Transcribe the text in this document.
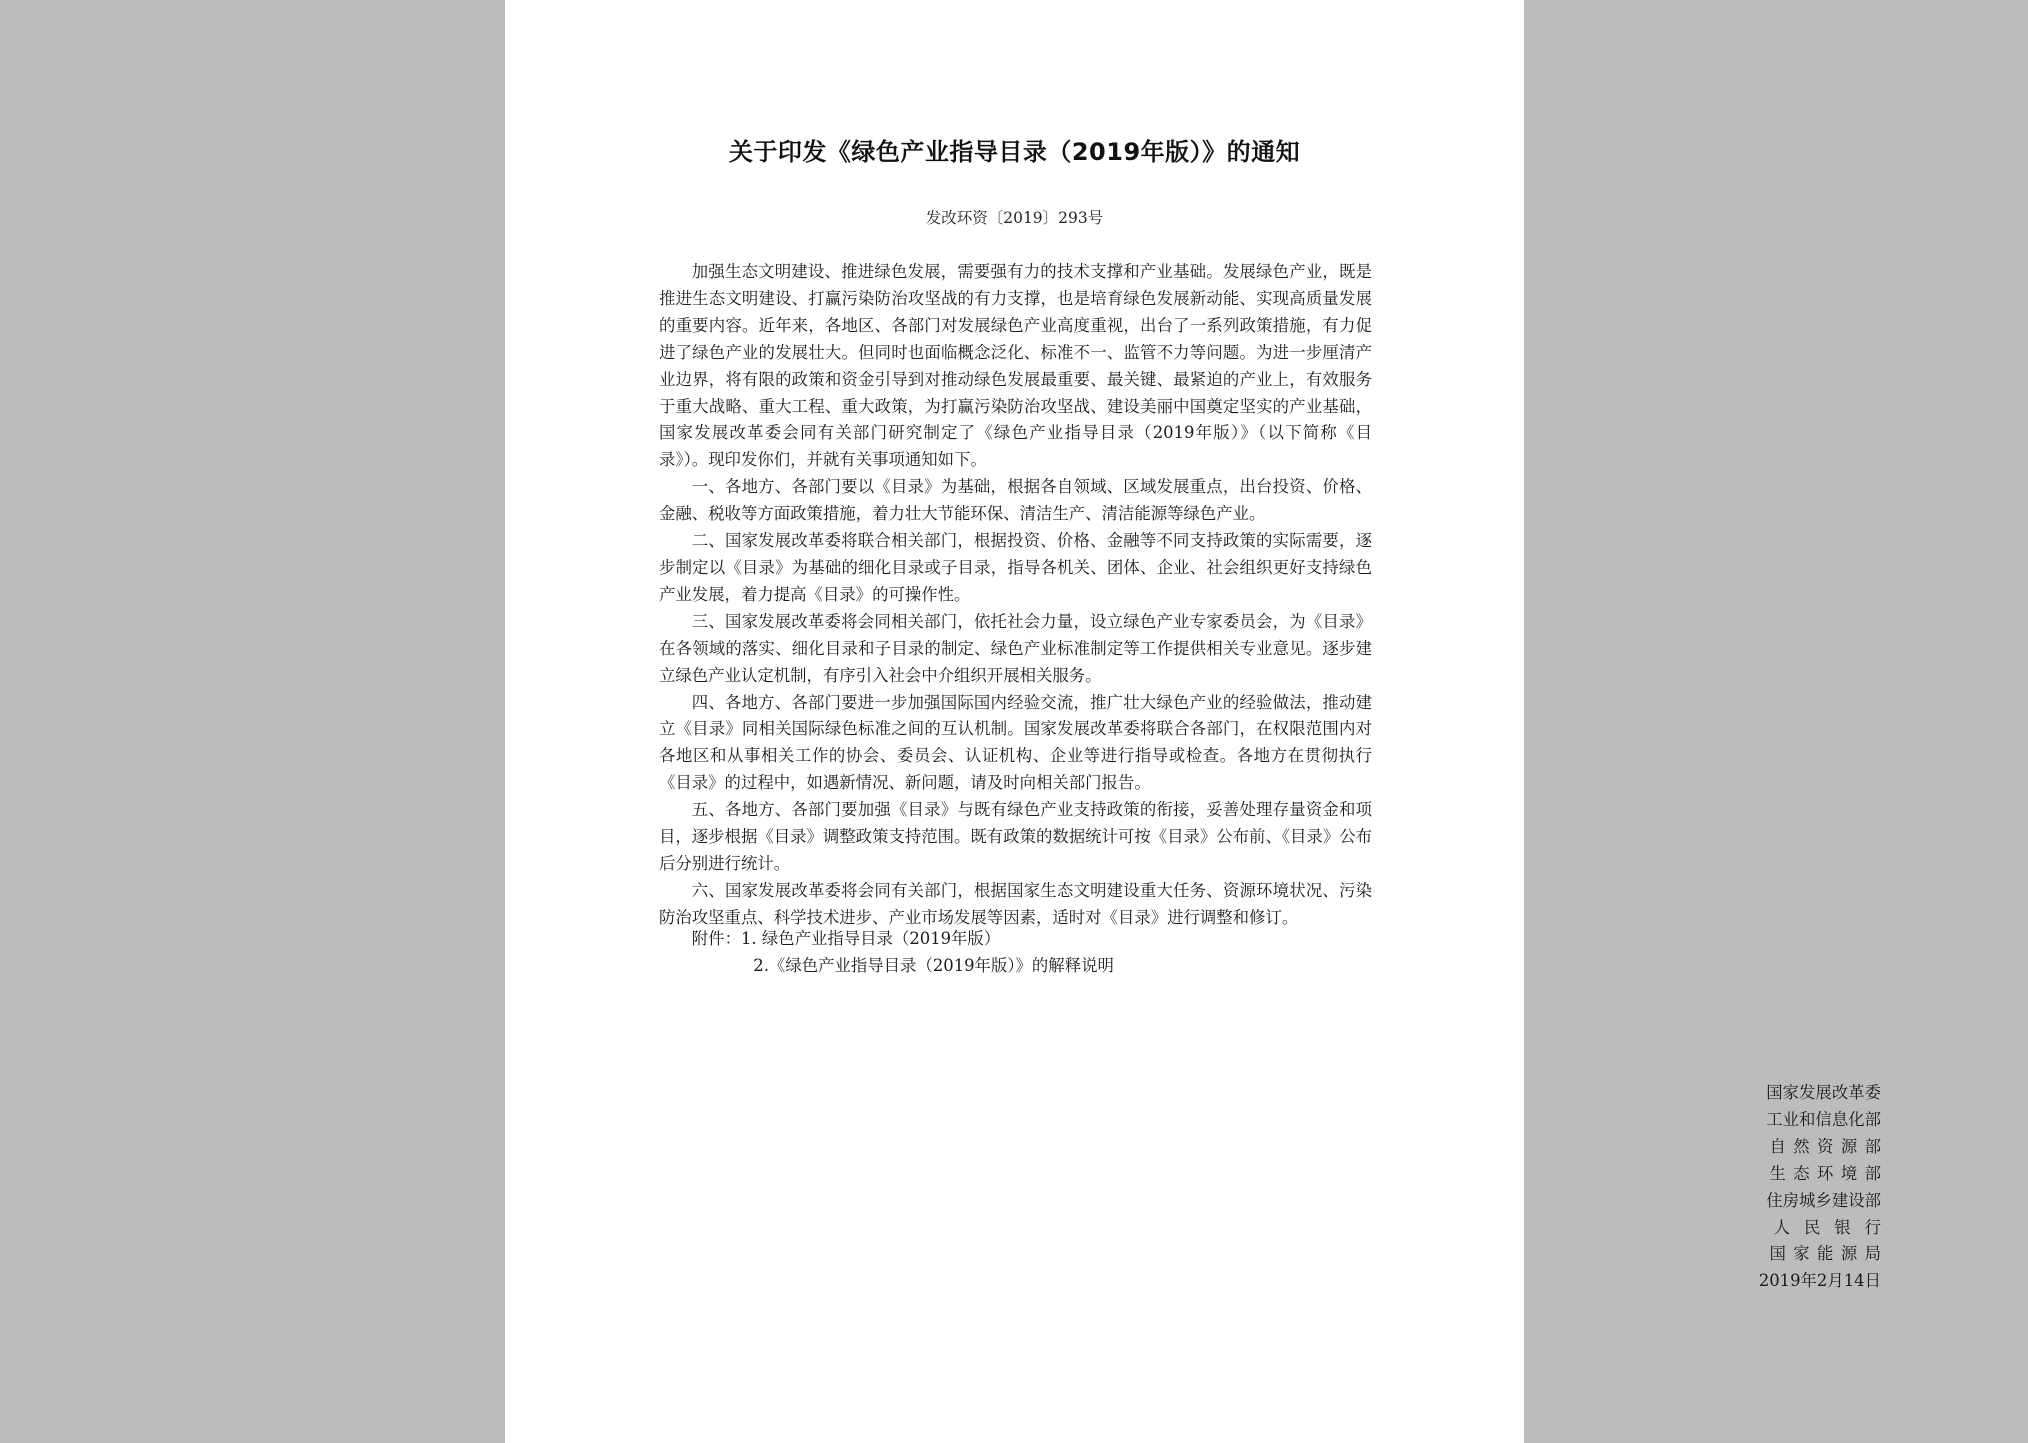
关于印发《绿色产业指导目录（2019年版）》的通知
发改环资〔2019〕293号

加强生态文明建设、推进绿色发展，需要强有力的技术支撑和产业基础。发展绿色产业，既是推进生态文明建设、打赢污染防治攻坚战的有力支撑，也是培育绿色发展新动能、实现高质量发展的重要内容。近年来，各地区、各部门对发展绿色产业高度重视，出台了一系列政策措施，有力促进了绿色产业的发展壮大。但同时也面临概念泛化、标准不一、监管不力等问题。为进一步厘清产业边界，将有限的政策和资金引导到对推动绿色发展最重要、最关键、最紧迫的产业上，有效服务于重大战略、重大工程、重大政策，为打赢污染防治攻坚战、建设美丽中国奠定坚实的产业基础，国家发展改革委会同有关部门研究制定了《绿色产业指导目录（2019年版）》（以下简称《目录》）。现印发你们，并就有关事项通知如下。

一、各地方、各部门要以《目录》为基础，根据各自领域、区域发展重点，出台投资、价格、金融、税收等方面政策措施，着力壮大节能环保、清洁生产、清洁能源等绿色产业。

二、国家发展改革委将联合相关部门，根据投资、价格、金融等不同支持政策的实际需要，逐步制定以《目录》为基础的细化目录或子目录，指导各机关、团体、企业、社会组织更好支持绿色产业发展，着力提高《目录》的可操作性。

三、国家发展改革委将会同相关部门，依托社会力量，设立绿色产业专家委员会，为《目录》在各领域的落实、细化目录和子目录的制定、绿色产业标准制定等工作提供相关专业意见。逐步建立绿色产业认定机制，有序引入社会中介组织开展相关服务。

四、各地方、各部门要进一步加强国际国内经验交流，推广壮大绿色产业的经验做法，推动建立《目录》同相关国际绿色标准之间的互认机制。国家发展改革委将联合各部门，在权限范围内对各地区和从事相关工作的协会、委员会、认证机构、企业等进行指导或检查。各地方在贯彻执行《目录》的过程中，如遇新情况、新问题，请及时向相关部门报告。

五、各地方、各部门要加强《目录》与既有绿色产业支持政策的衔接，妥善处理存量资金和项目，逐步根据《目录》调整政策支持范围。既有政策的数据统计可按《目录》公布前、《目录》公布后分别进行统计。

六、国家发展改革委将会同有关部门，根据国家生态文明建设重大任务、资源环境状况、污染防治攻坚重点、科学技术进步、产业市场发展等因素，适时对《目录》进行调整和修订。

附件：1. 绿色产业指导目录（2019年版）
2.《绿色产业指导目录（2019年版）》的解释说明
国家发展改革委
工业和信息化部
自然资源部
生态环境部
住房城乡建设部
人民银行
国家能源局
2019年2月14日
